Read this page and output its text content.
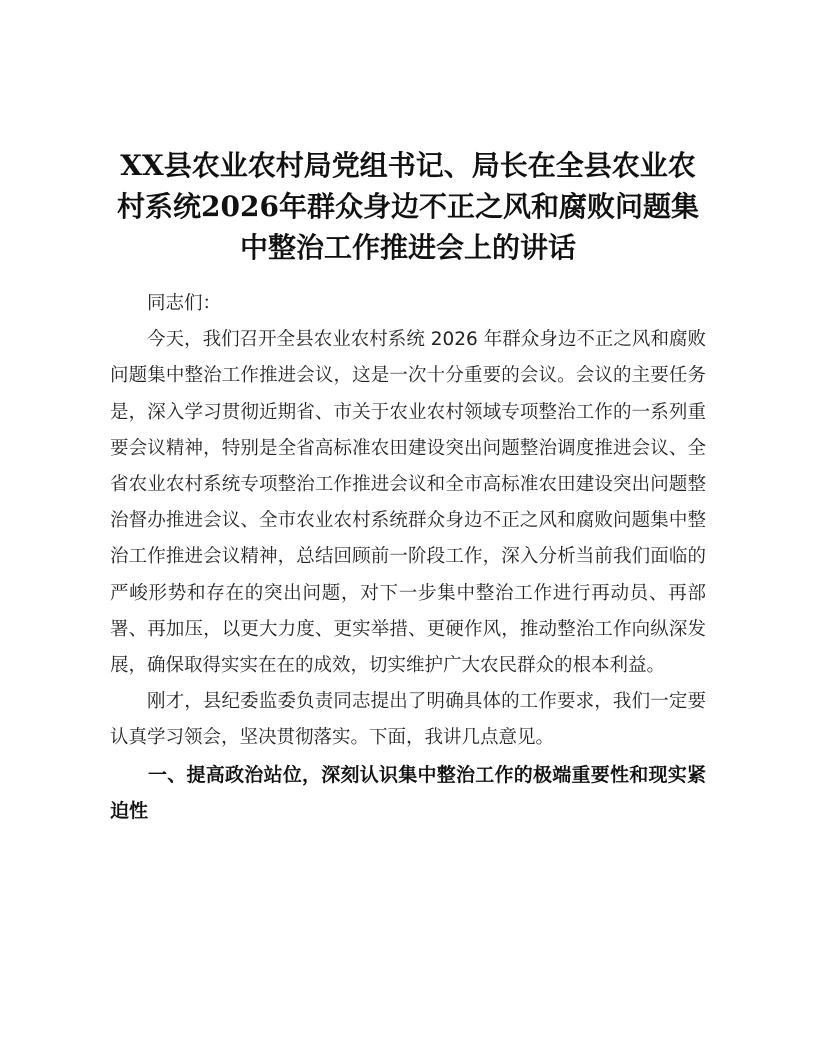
XX县农业农村局党组书记、局长在全县农业农村系统2026年群众身边不正之风和腐败问题集中整治工作推进会上的讲话

同志们：

今天，我们召开全县农业农村系统 2026 年群众身边不正之风和腐败问题集中整治工作推进会议，这是一次十分重要的会议。会议的主要任务是，深入学习贯彻近期省、市关于农业农村领域专项整治工作的一系列重要会议精神，特别是全省高标准农田建设突出问题整治调度推进会议、全省农业农村系统专项整治工作推进会议和全市高标准农田建设突出问题整治督办推进会议、全市农业农村系统群众身边不正之风和腐败问题集中整治工作推进会议精神，总结回顾前一阶段工作，深入分析当前我们面临的严峻形势和存在的突出问题，对下一步集中整治工作进行再动员、再部署、再加压，以更大力度、更实举措、更硬作风，推动整治工作向纵深发展，确保取得实实在在的成效，切实维护广大农民群众的根本利益。

刚才，县纪委监委负责同志提出了明确具体的工作要求，我们一定要认真学习领会，坚决贯彻落实。下面，我讲几点意见。

一、提高政治站位，深刻认识集中整治工作的极端重要性和现实紧迫性
